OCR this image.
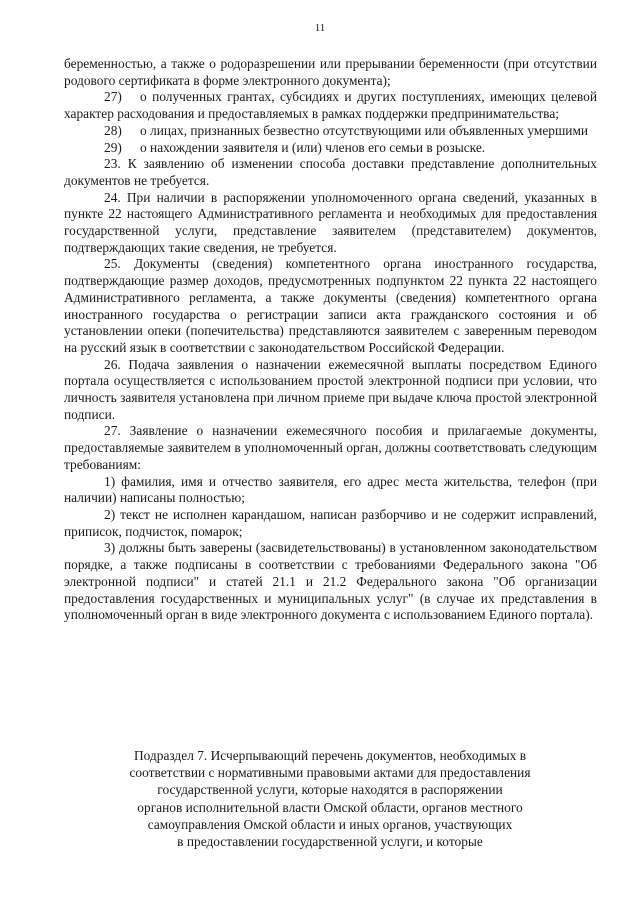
11

беременностью, а также о родоразрешении или прерывании беременности (при отсутствии родового сертификата в форме электронного документа);

27) о полученных грантах, субсидиях и других поступлениях, имеющих целевой характер расходования и предоставляемых в рамках поддержки предпринимательства;

28) о лицах, признанных безвестно отсутствующими или объявленных умершими

29) о нахождении заявителя и (или) членов его семьи в розыске.

23. К заявлению об изменении способа доставки представление дополнительных документов не требуется.

24. При наличии в распоряжении уполномоченного органа сведений, указанных в пункте 22 настоящего Административного регламента и необходимых для предоставления государственной услуги, представление заявителем (представителем) документов, подтверждающих такие сведения, не требуется.

25. Документы (сведения) компетентного органа иностранного государства, подтверждающие размер доходов, предусмотренных подпунктом 22 пункта 22 настоящего Административного регламента, а также документы (сведения) компетентного органа иностранного государства о регистрации записи акта гражданского состояния и об установлении опеки (попечительства) представляются заявителем с заверенным переводом на русский язык в соответствии с законодательством Российской Федерации.

26. Подача заявления о назначении ежемесячной выплаты посредством Единого портала осуществляется с использованием простой электронной подписи при условии, что личность заявителя установлена при личном приеме при выдаче ключа простой электронной подписи.

27. Заявление о назначении ежемесячного пособия и прилагаемые документы, предоставляемые заявителем в уполномоченный орган, должны соответствовать следующим требованиям:

1) фамилия, имя и отчество заявителя, его адрес места жительства, телефон (при наличии) написаны полностью;

2) текст не исполнен карандашом, написан разборчиво и не содержит исправлений, приписок, подчисток, помарок;

3) должны быть заверены (засвидетельствованы) в установленном законодательством порядке, а также подписаны в соответствии с требованиями Федерального закона "Об электронной подписи" и статей 21.1 и 21.2 Федерального закона "Об организации предоставления государственных и муниципальных услуг" (в случае их представления в уполномоченный орган в виде электронного документа с использованием Единого портала).

Подраздел 7. Исчерпывающий перечень документов, необходимых в
соответствии с нормативными правовыми актами для предоставления
государственной услуги, которые находятся в распоряжении
органов исполнительной власти Омской области, органов местного
самоуправления Омской области и иных органов, участвующих
в предоставлении государственной услуги, и которые
